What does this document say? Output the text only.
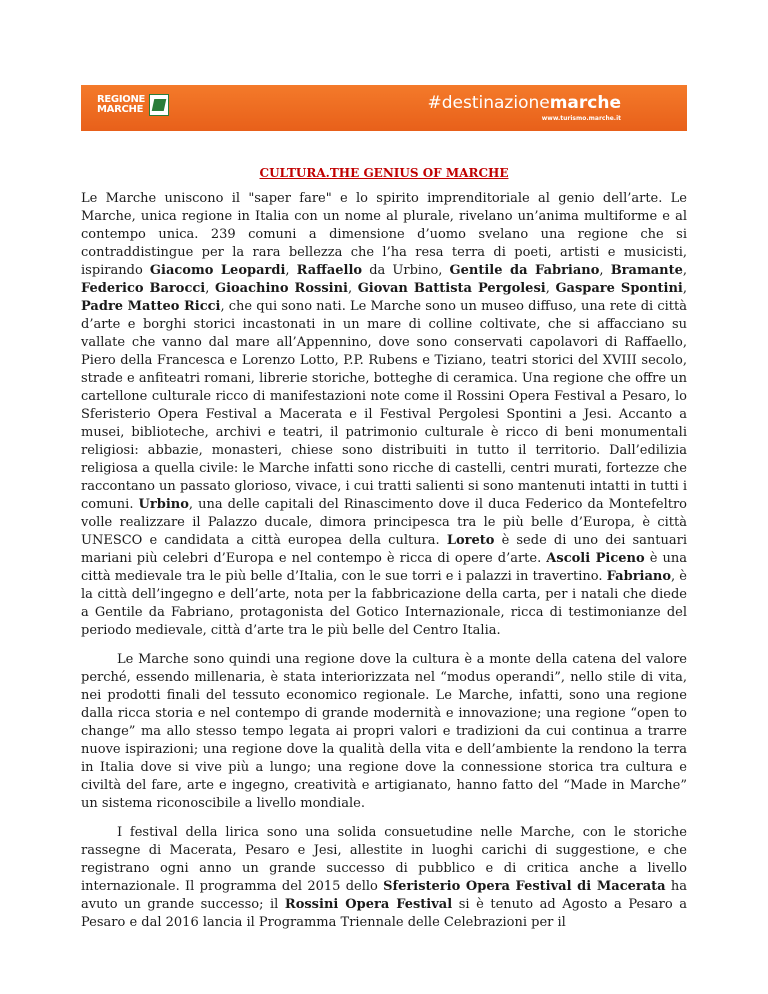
REGIONE
MARCHE	#destinazionemarche
www.turismo.marche.it
CULTURA.THE GENIUS OF MARCHE

Le Marche uniscono il "saper fare" e lo spirito imprenditoriale al genio dell’arte. Le Marche, unica regione in Italia con un nome al plurale, rivelano un’anima multiforme e al contempo unica. 239 comuni a dimensione d’uomo svelano una regione che si contraddistingue per la rara bellezza che l’ha resa terra di poeti, artisti e musicisti, ispirando Giacomo Leopardi, Raffaello da Urbino, Gentile da Fabriano, Bramante, Federico Barocci, Gioachino Rossini, Giovan Battista Pergolesi, Gaspare Spontini, Padre Matteo Ricci, che qui sono nati. Le Marche sono un museo diffuso, una rete di città d’arte e borghi storici incastonati in un mare di colline coltivate, che si affacciano su vallate che vanno dal mare all’Appennino, dove sono conservati capolavori di Raffaello, Piero della Francesca e Lorenzo Lotto, P.P. Rubens e Tiziano, teatri storici del XVIII secolo, strade e anfiteatri romani, librerie storiche, botteghe di ceramica. Una regione che offre un cartellone culturale ricco di manifestazioni note come il Rossini Opera Festival a Pesaro, lo Sferisterio Opera Festival a Macerata e il Festival Pergolesi Spontini a Jesi. Accanto a musei, biblioteche, archivi e teatri, il patrimonio culturale è ricco di beni monumentali religiosi: abbazie, monasteri, chiese sono distribuiti in tutto il territorio. Dall’edilizia religiosa a quella civile: le Marche infatti sono ricche di castelli, centri murati, fortezze che raccontano un passato glorioso, vivace, i cui tratti salienti si sono mantenuti intatti in tutti i comuni. Urbino, una delle capitali del Rinascimento dove il duca Federico da Montefeltro volle realizzare il Palazzo ducale, dimora principesca tra le più belle d’Europa, è città UNESCO e candidata a città europea della cultura. Loreto è sede di uno dei santuari mariani più celebri d’Europa e nel contempo è ricca di opere d’arte. Ascoli Piceno è una città medievale tra le più belle d’Italia, con le sue torri e i palazzi in travertino. Fabriano, è la città dell’ingegno e dell’arte, nota per la fabbricazione della carta, per i natali che diede a Gentile da Fabriano, protagonista del Gotico Internazionale, ricca di testimonianze del periodo medievale, città d’arte tra le più belle del Centro Italia.

Le Marche sono quindi una regione dove la cultura è a monte della catena del valore perché, essendo millenaria, è stata interiorizzata nel “modus operandi”, nello stile di vita, nei prodotti finali del tessuto economico regionale. Le Marche, infatti, sono una regione dalla ricca storia e nel contempo di grande modernità e innovazione; una regione “open to change” ma allo stesso tempo legata ai propri valori e tradizioni da cui continua a trarre nuove ispirazioni; una regione dove la qualità della vita e dell’ambiente la rendono la terra in Italia dove si vive più a lungo; una regione dove la connessione storica tra cultura e civiltà del fare, arte e ingegno, creatività e artigianato, hanno fatto del “Made in Marche” un sistema riconoscibile a livello mondiale.

I festival della lirica sono una solida consuetudine nelle Marche, con le storiche rassegne di Macerata, Pesaro e Jesi, allestite in luoghi carichi di suggestione, e che registrano ogni anno un grande successo di pubblico e di critica anche a livello internazionale. Il programma del 2015 dello Sferisterio Opera Festival di Macerata ha avuto un grande successo; il Rossini Opera Festival si è tenuto ad Agosto a Pesaro a Pesaro e dal 2016 lancia il Programma Triennale delle Celebrazioni per il
